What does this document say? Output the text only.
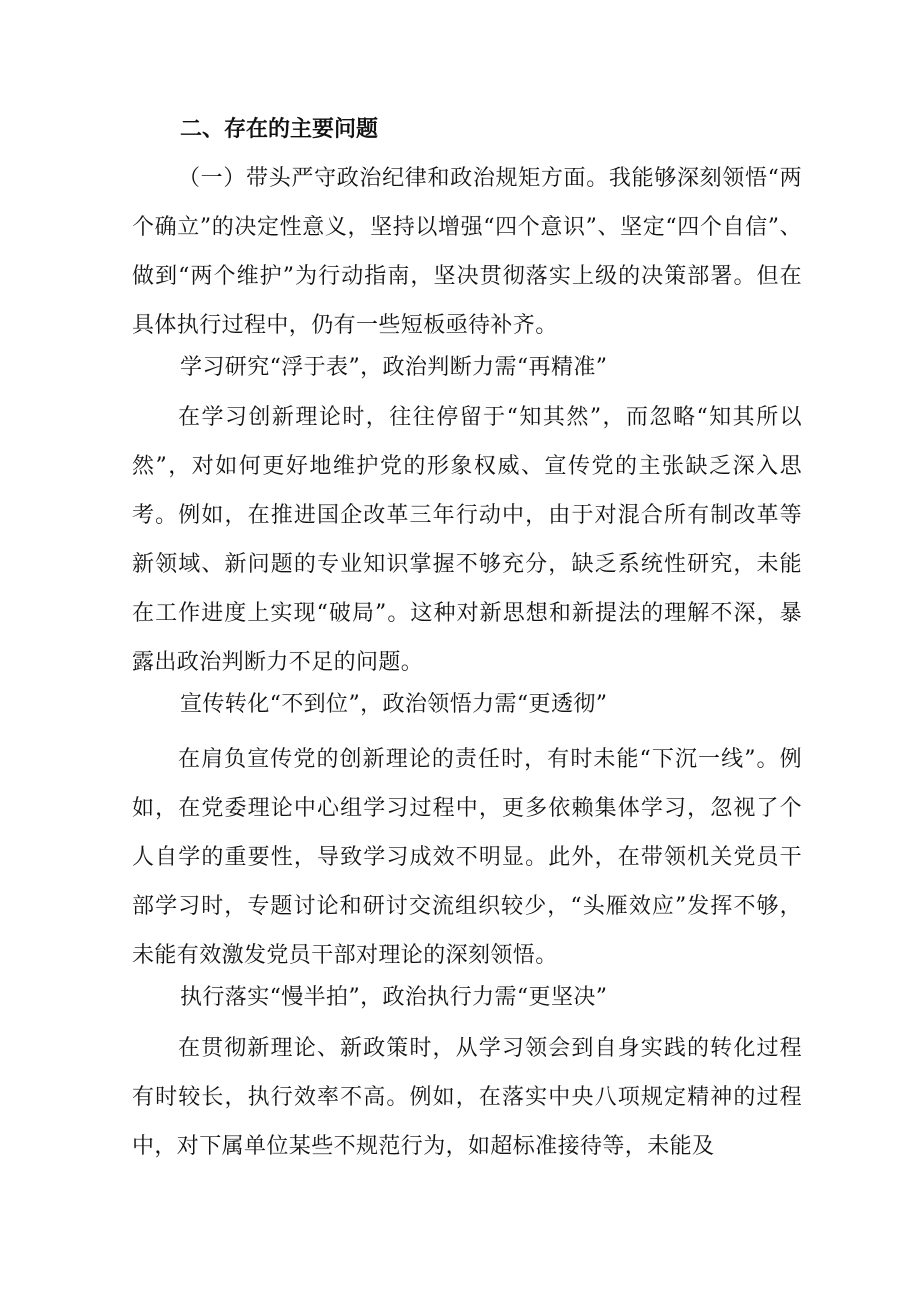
二、存在的主要问题

（一）带头严守政治纪律和政治规矩方面。我能够深刻领悟“两个确立”的决定性意义，坚持以增强“四个意识”、坚定“四个自信”、做到“两个维护”为行动指南，坚决贯彻落实上级的决策部署。但在具体执行过程中，仍有一些短板亟待补齐。

学习研究“浮于表”，政治判断力需“再精准”

在学习创新理论时，往往停留于“知其然”，而忽略“知其所以然”，对如何更好地维护党的形象权威、宣传党的主张缺乏深入思考。例如，在推进国企改革三年行动中，由于对混合所有制改革等新领域、新问题的专业知识掌握不够充分，缺乏系统性研究，未能在工作进度上实现“破局”。这种对新思想和新提法的理解不深，暴露出政治判断力不足的问题。

宣传转化“不到位”，政治领悟力需“更透彻”

在肩负宣传党的创新理论的责任时，有时未能“下沉一线”。例如，在党委理论中心组学习过程中，更多依赖集体学习，忽视了个人自学的重要性，导致学习成效不明显。此外，在带领机关党员干部学习时，专题讨论和研讨交流组织较少，“头雁效应”发挥不够，未能有效激发党员干部对理论的深刻领悟。

执行落实“慢半拍”，政治执行力需“更坚决”

在贯彻新理论、新政策时，从学习领会到自身实践的转化过程有时较长，执行效率不高。例如，在落实中央八项规定精神的过程中，对下属单位某些不规范行为，如超标准接待等，未能及
